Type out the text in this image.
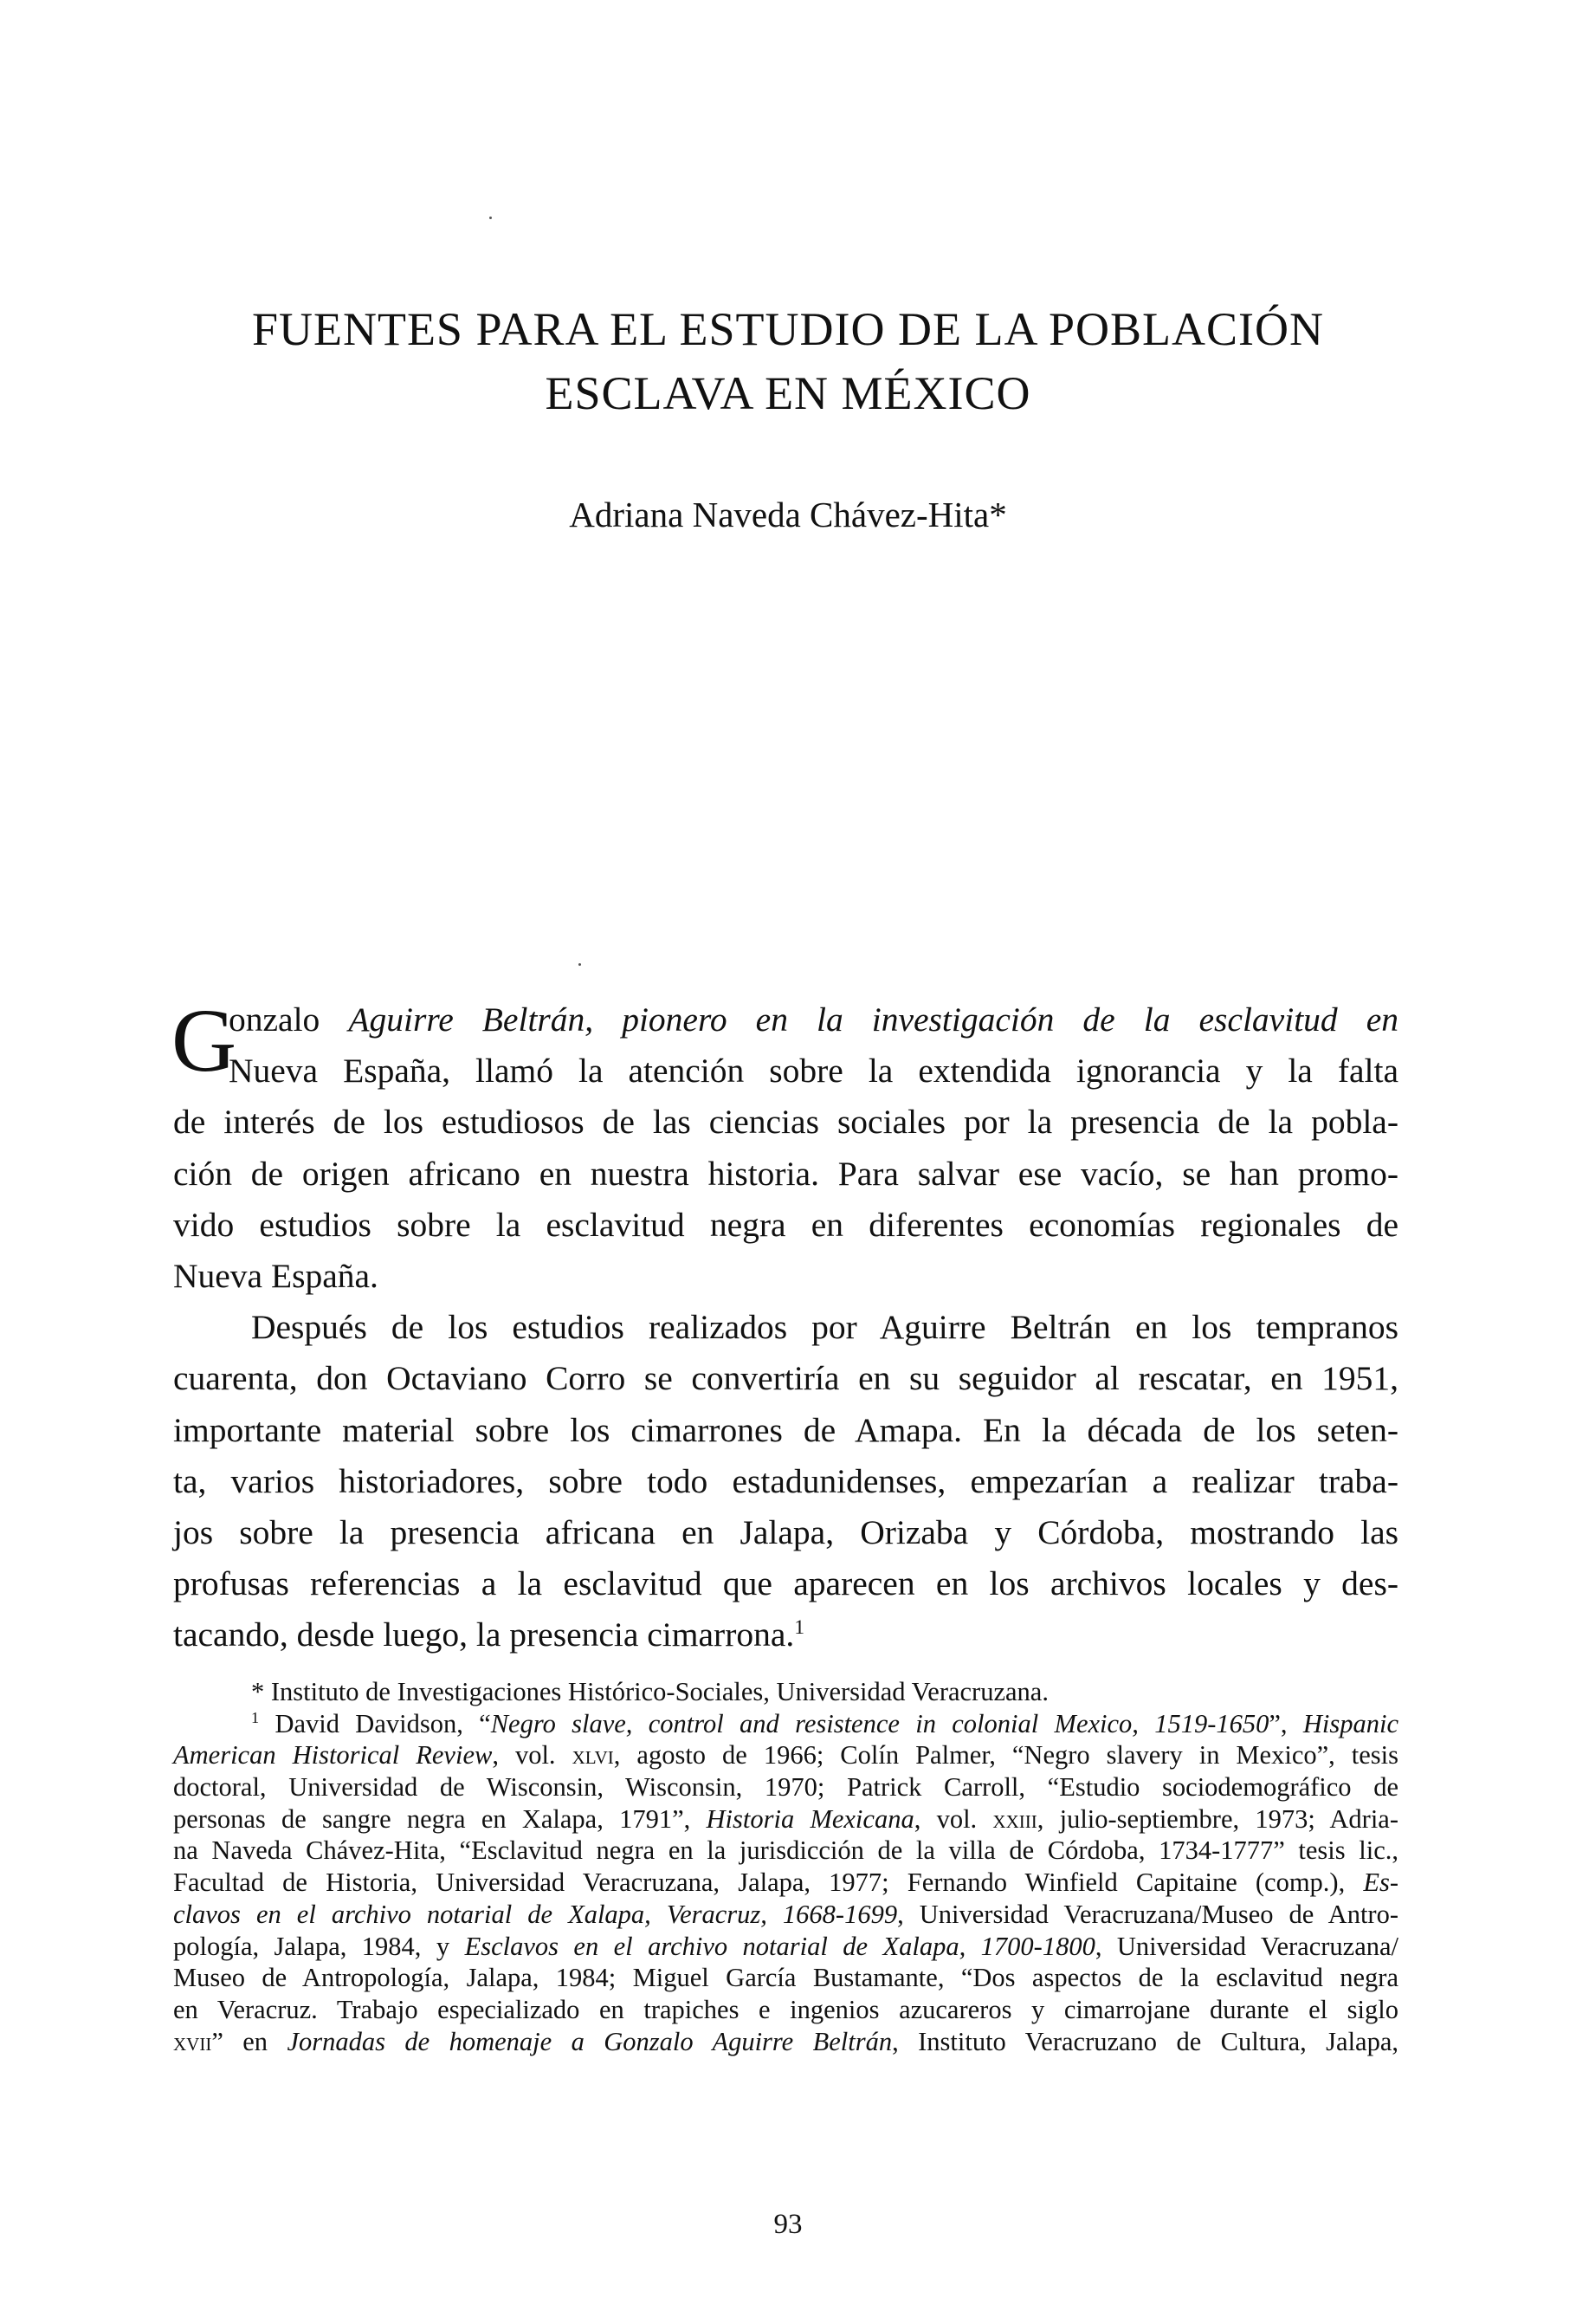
FUENTES PARA EL ESTUDIO DE LA POBLACIÓN
ESCLAVA EN MÉXICO

Adriana Naveda Chávez-Hita*

G
onzalo Aguirre Beltrán, pionero en la investigación de la esclavitud en
Nueva España, llamó la atención sobre la extendida ignorancia y la falta
de interés de los estudiosos de las ciencias sociales por la presencia de la pobla-
ción de origen africano en nuestra historia. Para salvar ese vacío, se han promo-
vido estudios sobre la esclavitud negra en diferentes economías regionales de
Nueva España.
Después de los estudios realizados por Aguirre Beltrán en los tempranos
cuarenta, don Octaviano Corro se convertiría en su seguidor al rescatar, en 1951,
importante material sobre los cimarrones de Amapa. En la década de los seten-
ta, varios historiadores, sobre todo estadunidenses, empezarían a realizar traba-
jos sobre la presencia africana en Jalapa, Orizaba y Córdoba, mostrando las
profusas referencias a la esclavitud que aparecen en los archivos locales y des-
tacando, desde luego, la presencia cimarrona.$^1$
* Instituto de Investigaciones Histórico-Sociales, Universidad Veracruzana.
$^1$ David Davidson, “Negro slave, control and resistence in colonial Mexico, 1519-1650”, Hispanic
American Historical Review, vol. xlvi, agosto de 1966; Colín Palmer, “Negro slavery in Mexico”, tesis
doctoral, Universidad de Wisconsin, Wisconsin, 1970; Patrick Carroll, “Estudio sociodemográfico de
personas de sangre negra en Xalapa, 1791”, Historia Mexicana, vol. xxiii, julio-septiembre, 1973; Adria-
na Naveda Chávez-Hita, “Esclavitud negra en la jurisdicción de la villa de Córdoba, 1734-1777” tesis lic.,
Facultad de Historia, Universidad Veracruzana, Jalapa, 1977; Fernando Winfield Capitaine (comp.), Es-
clavos en el archivo notarial de Xalapa, Veracruz, 1668-1699, Universidad Veracruzana/Museo de Antro-
pología, Jalapa, 1984, y Esclavos en el archivo notarial de Xalapa, 1700-1800, Universidad Veracruzana/
Museo de Antropología, Jalapa, 1984; Miguel García Bustamante, “Dos aspectos de la esclavitud negra
en Veracruz. Trabajo especializado en trapiches e ingenios azucareros y cimarrojane durante el siglo
xvii” en Jornadas de homenaje a Gonzalo Aguirre Beltrán, Instituto Veracruzano de Cultura, Jalapa,

93
